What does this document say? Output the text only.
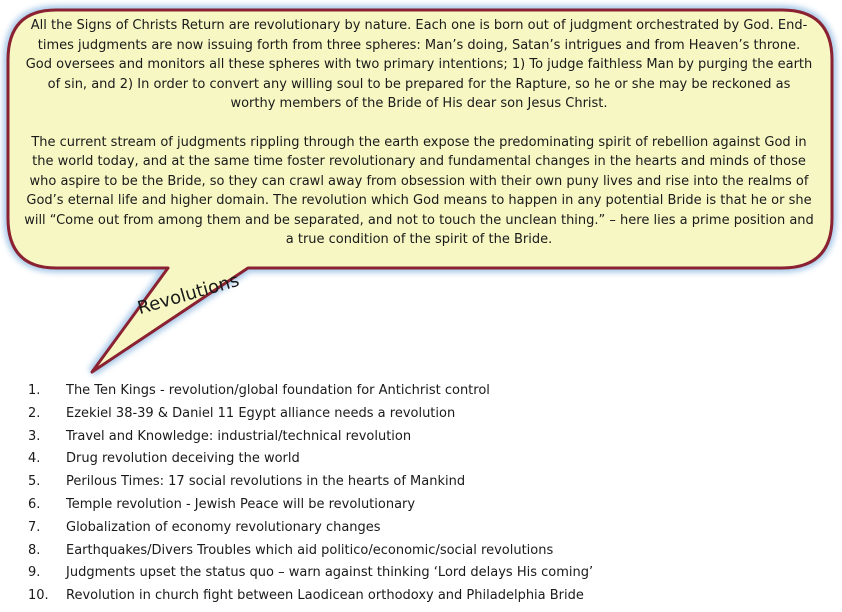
All the Signs of Christs Return are revolutionary by nature. Each one is born out of judgment orchestrated by God. End-times judgments are now issuing forth from three spheres: Man’s doing, Satan’s intrigues and from Heaven’s throne. God oversees and monitors all these spheres with two primary intentions; 1) To judge faithless Man by purging the earth of sin, and 2) In order to convert any willing soul to be prepared for the Rapture, so he or she may be reckoned as worthy members of the Bride of His dear son Jesus Christ.

The current stream of judgments rippling through the earth expose the predominating spirit of rebellion against God in the world today, and at the same time foster revolutionary and fundamental changes in the hearts and minds of those who aspire to be the Bride, so they can crawl away from obsession with their own puny lives and rise into the realms of God’s eternal life and higher domain. The revolution which God means to happen in any potential Bride is that he or she will “Come out from among them and be separated, and not to touch the unclean thing.” – here lies a prime position and a true condition of the spirit of the Bride.

Revolutions
1.	The Ten Kings - revolution/global foundation for Antichrist control
2.	Ezekiel 38-39 & Daniel 11 Egypt alliance needs a revolution
3.	Travel and Knowledge: industrial/technical revolution
4.	Drug revolution deceiving the world
5.	Perilous Times: 17 social revolutions in the hearts of Mankind
6.	Temple revolution - Jewish Peace will be revolutionary
7.	Globalization of economy revolutionary changes
8.	Earthquakes/Divers Troubles which aid politico/economic/social revolutions
9.	Judgments upset the status quo – warn against thinking ‘Lord delays His coming’
10.	Revolution in church fight between Laodicean orthodoxy and Philadelphia Bride
